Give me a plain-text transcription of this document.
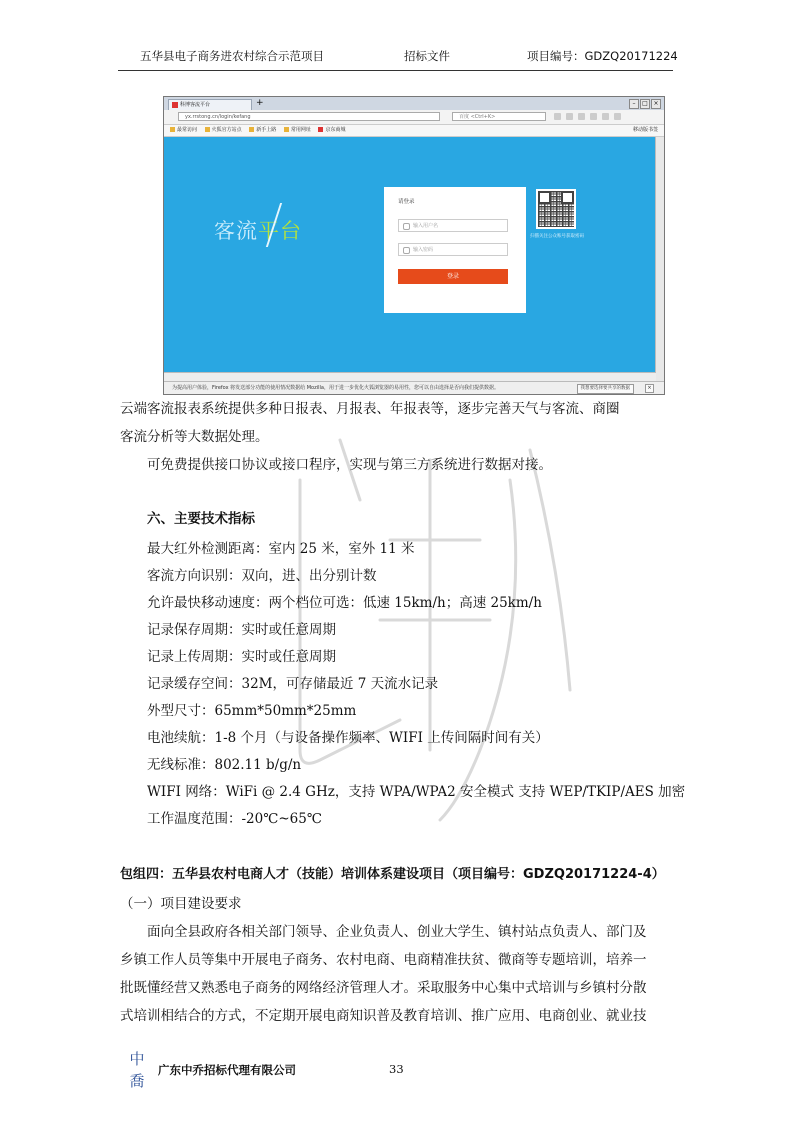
五华县电子商务进农村综合示范项目	招标文件	项目编号：GDZQ20171224
科博客流平台	+	–	□ ×
yx.rrstong.cn/login/kefang	百度 <Ctrl+K>
最常访问	火狐官方站点	新手上路	常用网址	京东商城	移动版书签
客流平台
请登录
输入用户名
输入密码
登录
扫描关注公众账号获取密码
为提高用户体验，Firefox 将发送部分功能的使用情况数据给 Mozilla，用于进一步优化火狐浏览器的易用性，您可以自由选择是否向我们提供数据。	我想要选择要共享的数据	×
云端客流报表系统提供多种日报表、月报表、年报表等，逐步完善天气与客流、商圈
客流分析等大数据处理。
可免费提供接口协议或接口程序，实现与第三方系统进行数据对接。
六、主要技术指标
最大红外检测距离：室内 25 米，室外 11 米
客流方向识别：双向，进、出分别计数
允许最快移动速度：两个档位可选：低速 15km/h；高速 25km/h
记录保存周期：实时或任意周期
记录上传周期：实时或任意周期
记录缓存空间：32M，可存储最近 7 天流水记录
外型尺寸：65mm*50mm*25mm
电池续航：1-8 个月（与设备操作频率、WIFI 上传间隔时间有关）
无线标准：802.11 b/g/n
WIFI 网络：WiFi @ 2.4 GHz，支持 WPA/WPA2 安全模式 支持 WEP/TKIP/AES 加密
工作温度范围：-20℃~65℃
包组四：五华县农村电商人才（技能）培训体系建设项目（项目编号：GDZQ20171224-4）
（一）项目建设要求
面向全县政府各相关部门领导、企业负责人、创业大学生、镇村站点负责人、部门及
乡镇工作人员等集中开展电子商务、农村电商、电商精准扶贫、微商等专题培训，培养一
批既懂经营又熟悉电子商务的网络经济管理人才。采取服务中心集中式培训与乡镇村分散
式培训相结合的方式，不定期开展电商知识普及教育培训、推广应用、电商创业、就业技
中
喬
广东中乔招标代理有限公司	33
